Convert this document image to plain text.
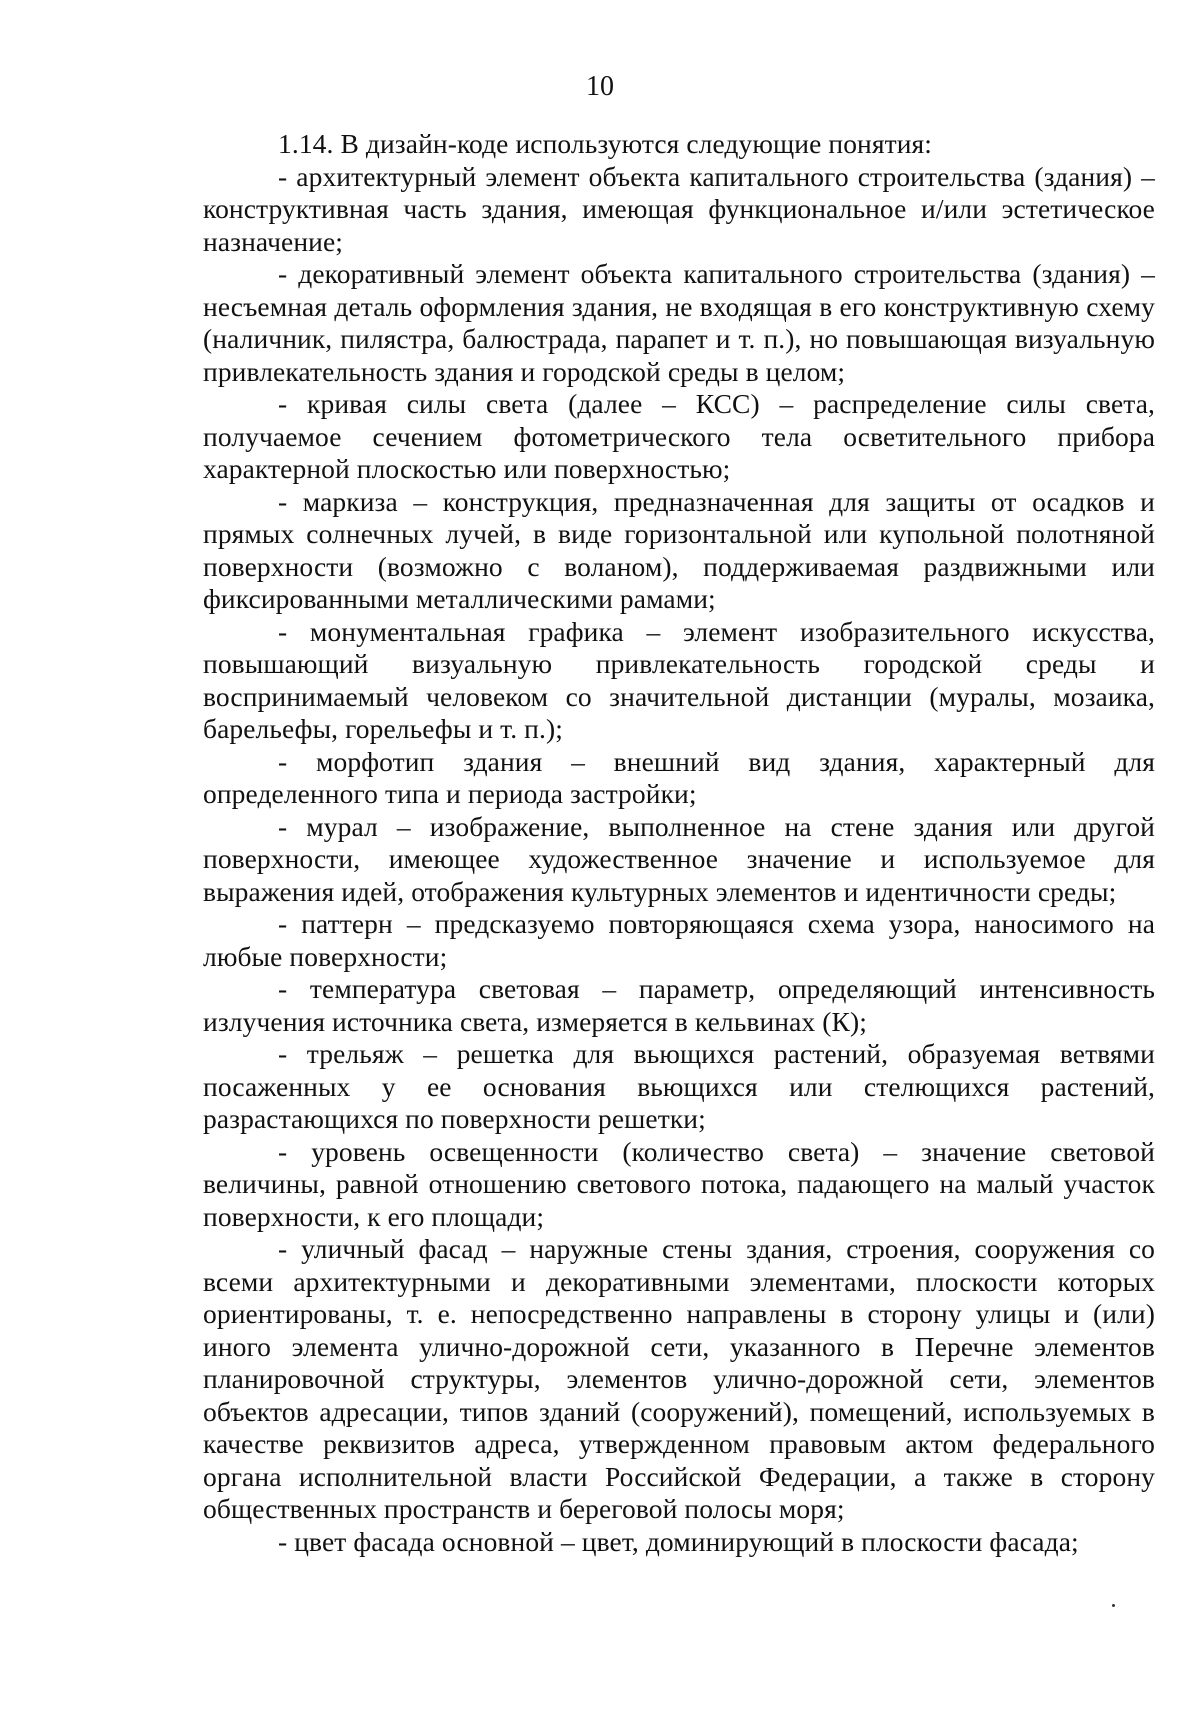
10

1.14. В дизайн-коде используются следующие понятия:

- архитектурный элемент объекта капитального строительства (здания) – конструктивная часть здания, имеющая функциональное и/или эстетическое назначение;

- декоративный элемент объекта капитального строительства (здания) – несъемная деталь оформления здания, не входящая в его конструктивную схему (наличник, пилястра, балюстрада, парапет и т. п.), но повышающая визуальную привлекательность здания и городской среды в целом;

- кривая силы света (далее – КСС) – распределение силы света, получаемое сечением фотометрического тела осветительного прибора характерной плоскостью или поверхностью;

- маркиза – конструкция, предназначенная для защиты от осадков и прямых солнечных лучей, в виде горизонтальной или купольной полотняной поверхности (возможно с воланом), поддерживаемая раздвижными или фиксированными металлическими рамами;

- монументальная графика – элемент изобразительного искусства, повышающий визуальную привлекательность городской среды и воспринимаемый человеком со значительной дистанции (муралы, мозаика, барельефы, горельефы и т. п.);

- морфотип здания – внешний вид здания, характерный для определенного типа и периода застройки;

- мурал – изображение, выполненное на стене здания или другой поверхности, имеющее художественное значение и используемое для выражения идей, отображения культурных элементов и идентичности среды;

- паттерн – предсказуемо повторяющаяся схема узора, наносимого на любые поверхности;

- температура световая – параметр, определяющий интенсивность излучения источника света, измеряется в кельвинах (К);

- трельяж – решетка для вьющихся растений, образуемая ветвями посаженных у ее основания вьющихся или стелющихся растений, разрастающихся по поверхности решетки;

- уровень освещенности (количество света) – значение световой величины, равной отношению светового потока, падающего на малый участок поверхности, к его площади;

- уличный фасад – наружные стены здания, строения, сооружения со всеми архитектурными и декоративными элементами, плоскости которых ориентированы, т. е. непосредственно направлены в сторону улицы и (или) иного элемента улично-дорожной сети, указанного в Перечне элементов планировочной структуры, элементов улично-дорожной сети, элементов объектов адресации, типов зданий (сооружений), помещений, используемых в качестве реквизитов адреса, утвержденном правовым актом федерального органа исполнительной власти Российской Федерации, а также в сторону общественных пространств и береговой полосы моря;

- цвет фасада основной – цвет, доминирующий в плоскости фасада;
